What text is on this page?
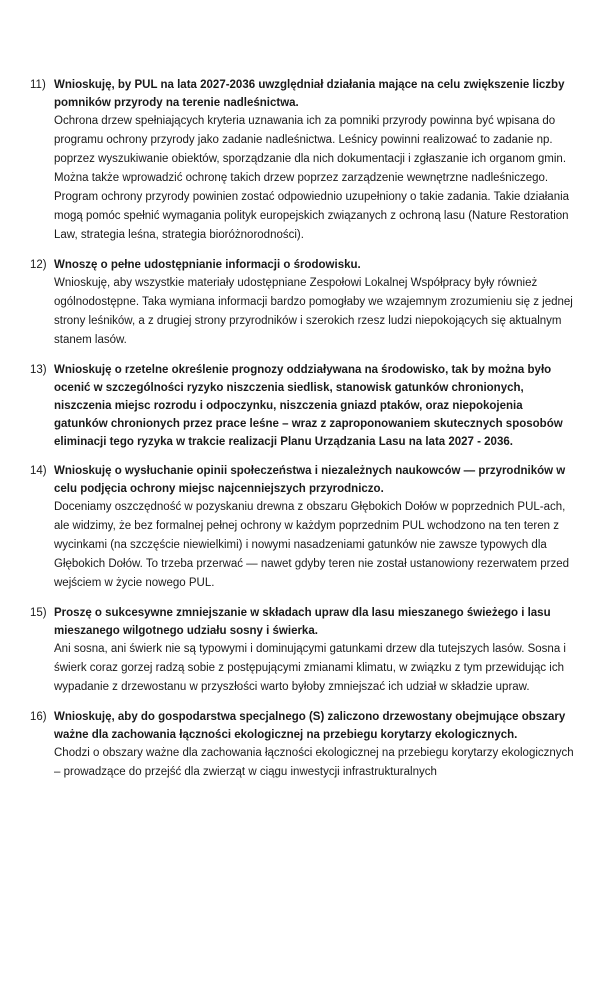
11) Wnioskuję, by PUL na lata 2027-2036 uwzględniał działania mające na celu zwiększenie liczby pomników przyrody na terenie nadleśnictwa.

Ochrona drzew spełniających kryteria uznawania ich za pomniki przyrody powinna być wpisana do programu ochrony przyrody jako zadanie nadleśnictwa. Leśnicy powinni realizować to zadanie np. poprzez wyszukiwanie obiektów, sporządzanie dla nich dokumentacji i zgłaszanie ich organom gmin. Można także wprowadzić ochronę takich drzew poprzez zarządzenie wewnętrzne nadleśniczego. Program ochrony przyrody powinien zostać odpowiednio uzupełniony o takie zadania. Takie działania mogą pomóc spełnić wymagania polityk europejskich związanych z ochroną lasu (Nature Restoration Law, strategia leśna, strategia bioróżnorodności).

12) Wnoszę o pełne udostępnianie informacji o środowisku.

Wnioskuję, aby wszystkie materiały udostępniane Zespołowi Lokalnej Współpracy były również ogólnodostępne. Taka wymiana informacji bardzo pomogłaby we wzajemnym zrozumieniu się z jednej strony leśników, a z drugiej strony przyrodników i szerokich rzesz ludzi niepokojących się aktualnym stanem lasów.

13) Wnioskuję o rzetelne określenie prognozy oddziaływana na środowisko, tak by można było ocenić w szczególności ryzyko niszczenia siedlisk, stanowisk gatunków chronionych, niszczenia miejsc rozrodu i odpoczynku, niszczenia gniazd ptaków, oraz niepokojenia gatunków chronionych przez prace leśne – wraz z zaproponowaniem skutecznych sposobów eliminacji tego ryzyka w trakcie realizacji Planu Urządzania Lasu na lata 2027 - 2036.

14) Wnioskuję o wysłuchanie opinii społeczeństwa i niezależnych naukowców — przyrodników w celu podjęcia ochrony miejsc najcenniejszych przyrodniczo.

Doceniamy oszczędność w pozyskaniu drewna z obszaru Głębokich Dołów w poprzednich PUL-ach, ale widzimy, że bez formalnej pełnej ochrony w każdym poprzednim PUL wchodzono na ten teren z wycinkami (na szczęście niewielkimi) i nowymi nasadzeniami gatunków nie zawsze typowych dla Głębokich Dołów. To trzeba przerwać — nawet gdyby teren nie został ustanowiony rezerwatem przed wejściem w życie nowego PUL.

15) Proszę o sukcesywne zmniejszanie w składach upraw dla lasu mieszanego świeżego i lasu mieszanego wilgotnego udziału sosny i świerka.

Ani sosna, ani świerk nie są typowymi i dominującymi gatunkami drzew dla tutejszych lasów. Sosna i świerk coraz gorzej radzą sobie z postępującymi zmianami klimatu, w związku z tym przewidując ich wypadanie z drzewostanu w przyszłości warto byłoby zmniejszać ich udział w składzie upraw.

16) Wnioskuję, aby do gospodarstwa specjalnego (S) zaliczono drzewostany obejmujące obszary ważne dla zachowania łączności ekologicznej na przebiegu korytarzy ekologicznych.

Chodzi o obszary ważne dla zachowania łączności ekologicznej na przebiegu korytarzy ekologicznych – prowadzące do przejść dla zwierząt w ciągu inwestycji infrastrukturalnych
